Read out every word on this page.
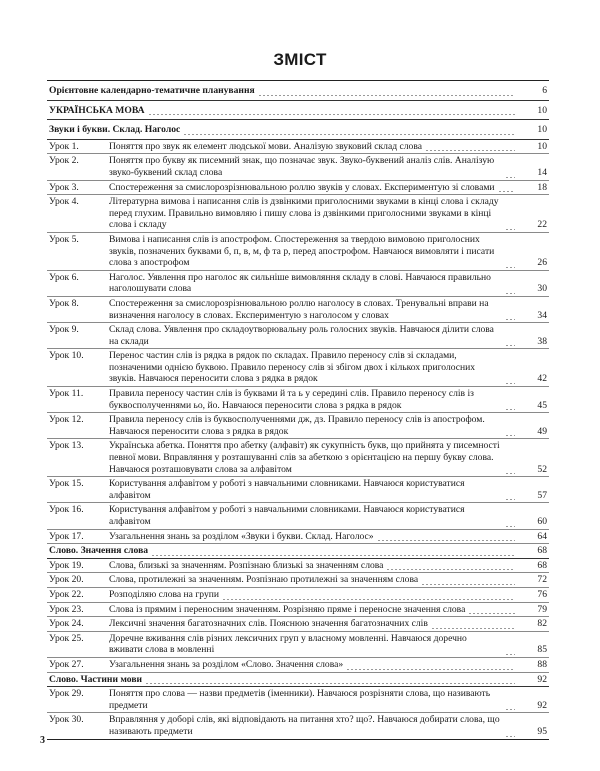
ЗМІСТ
Орієнтовне календарно-тематичне планування	6
УКРАЇНСЬКА МОВА	10
Звуки і букви. Склад. Наголос	10
Урок 1.	Поняття про звук як елемент людської мови. Аналізую звуковий склад слова	10
Урок 2.	Поняття про букву як писемний знак, що позначає звук. Звуко-буквений аналіз слів. Аналізую звуко-буквений склад слова	14
Урок 3.	Спостереження за смислорозрізнювальною роллю звуків у словах. Експериментую зі словами	18
Урок 4.	Літературна вимова і написання слів із дзвінкими приголосними звуками в кінці слова і складу перед глухим. Правильно вимовляю і пишу слова із дзвінкими приголосними звуками в кінці слова і складу	22
Урок 5.	Вимова і написання слів із апострофом. Спостереження за твердою вимовою приголосних звуків, позначених буквами б, п, в, м, ф та р, перед апострофом. Навчаюся вимовляти і писати слова з апострофом	26
Урок 6.	Наголос. Уявлення про наголос як сильніше вимовляння складу в слові. Навчаюся правильно наголошувати слова	30
Урок 8.	Спостереження за смислорозрізнювальною роллю наголосу в словах. Тренувальні вправи на визначення наголосу в словах. Експериментую з наголосом у словах	34
Урок 9.	Склад слова. Уявлення про складоутворювальну роль голосних звуків. Навчаюся ділити слова на склади	38
Урок 10.	Перенос частин слів із рядка в рядок по складах. Правило переносу слів зі складами, позначеними однією буквою. Правило переносу слів зі збігом двох і кількох приголосних звуків. Навчаюся переносити слова з рядка в рядок	42
Урок 11.	Правила переносу частин слів із буквами й та ь у середині слів. Правило переносу слів із буквосполученнями ьо, йо. Навчаюся переносити слова з рядка в рядок	45
Урок 12.	Правила переносу слів із буквосполученнями дж, дз. Правило переносу слів із апострофом. Навчаюся переносити слова з рядка в рядок	49
Урок 13.	Українська абетка. Поняття про абетку (алфавіт) як сукупність букв, що прийнята у писемності певної мови. Вправляння у розташуванні слів за абеткою з орієнтацією на першу букву слова. Навчаюся розташовувати слова за алфавітом	52
Урок 15.	Користування алфавітом у роботі з навчальними словниками. Навчаюся користуватися алфавітом	57
Урок 16.	Користування алфавітом у роботі з навчальними словниками. Навчаюся користуватися алфавітом	60
Урок 17.	Узагальнення знань за розділом «Звуки і букви. Склад. Наголос»	64
Слово. Значення слова	68
Урок 19.	Слова, близькі за значенням. Розпізнаю близькі за значенням слова	68
Урок 20.	Слова, протилежні за значенням. Розпізнаю протилежні за значенням слова	72
Урок 22.	Розподіляю слова на групи	76
Урок 23.	Слова із прямим і переносним значенням. Розрізняю пряме і переносне значення слова	79
Урок 24.	Лексичні значення багатозначних слів. Пояснюю значення багатозначних слів	82
Урок 25.	Доречне вживання слів різних лексичних груп у власному мовленні. Навчаюся доречно вживати слова в мовленні	85
Урок 27.	Узагальнення знань за розділом «Слово. Значення слова»	88
Слово. Частини мови	92
Урок 29.	Поняття про слова — назви предметів (іменники). Навчаюся розрізняти слова, що називають предмети	92
Урок 30.	Вправляння у доборі слів, які відповідають на питання хто? що?. Навчаюся добирати слова, що називають предмети	95
3
